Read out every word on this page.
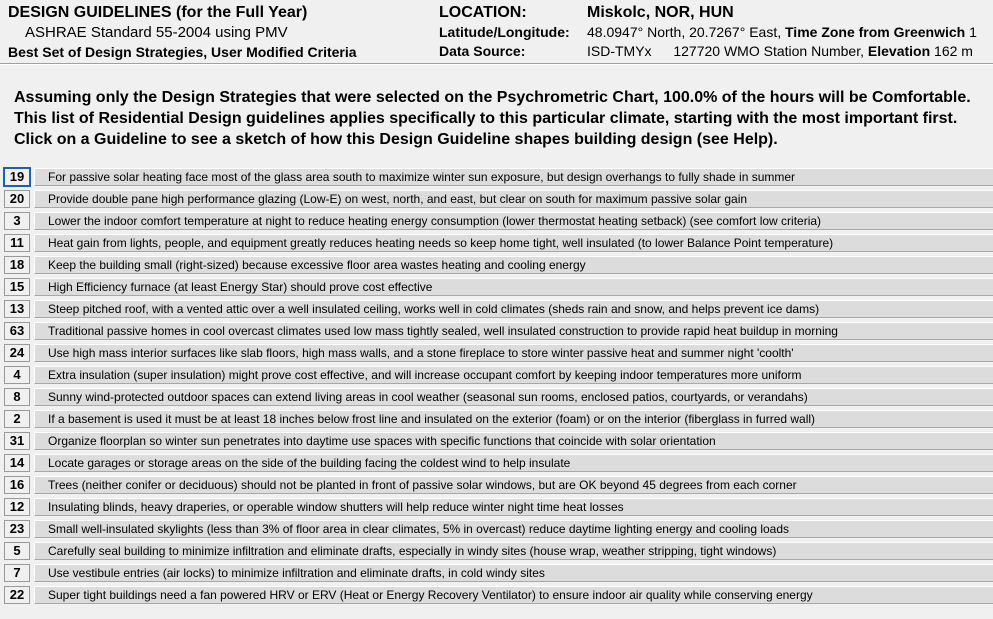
DESIGN GUIDELINES (for the Full Year)
ASHRAE Standard 55-2004 using PMV
Best Set of Design Strategies, User Modified Criteria
LOCATION:	Miskolc, NOR, HUN
Latitude/Longitude: 48.0947° North, 20.7267° East, Time Zone from Greenwich 1
Data Source:	ISD-TMYx 127720 WMO Station Number, Elevation 162 m
Assuming only the Design Strategies that were selected on the Psychrometric Chart, 100.0% of the hours will be Comfortable.
This list of Residential Design guidelines applies specifically to this particular climate, starting with the most important first.
Click on a Guideline to see a sketch of how this Design Guideline shapes building design (see Help).
19	For passive solar heating face most of the glass area south to maximize winter sun exposure, but design overhangs to fully shade in summer
20	Provide double pane high performance glazing (Low-E) on west, north, and east, but clear on south for maximum passive solar gain
3	Lower the indoor comfort temperature at night to reduce heating energy consumption (lower thermostat heating setback) (see comfort low criteria)
11	Heat gain from lights, people, and equipment greatly reduces heating needs so keep home tight, well insulated (to lower Balance Point temperature)
18	Keep the building small (right-sized) because excessive floor area wastes heating and cooling energy
15	High Efficiency furnace (at least Energy Star) should prove cost effective
13	Steep pitched roof, with a vented attic over a well insulated ceiling, works well in cold climates (sheds rain and snow, and helps prevent ice dams)
63	Traditional passive homes in cool overcast climates used low mass tightly sealed, well insulated construction to provide rapid heat buildup in morning
24	Use high mass interior surfaces like slab floors, high mass walls, and a stone fireplace to store winter passive heat and summer night 'coolth'
4	Extra insulation (super insulation) might prove cost effective, and will increase occupant comfort by keeping indoor temperatures more uniform
8	Sunny wind-protected outdoor spaces can extend living areas in cool weather (seasonal sun rooms, enclosed patios, courtyards, or verandahs)
2	If a basement is used it must be at least 18 inches below frost line and insulated on the exterior (foam) or on the interior (fiberglass in furred wall)
31	Organize floorplan so winter sun penetrates into daytime use spaces with specific functions that coincide with solar orientation
14	Locate garages or storage areas on the side of the building facing the coldest wind to help insulate
16	Trees (neither conifer or deciduous) should not be planted in front of passive solar windows, but are OK beyond 45 degrees from each corner
12	Insulating blinds, heavy draperies, or operable window shutters will help reduce winter night time heat losses
23	Small well-insulated skylights (less than 3% of floor area in clear climates, 5% in overcast) reduce daytime lighting energy and cooling loads
5	Carefully seal building to minimize infiltration and eliminate drafts, especially in windy sites (house wrap, weather stripping, tight windows)
7	Use vestibule entries (air locks) to minimize infiltration and eliminate drafts, in cold windy sites
22	Super tight buildings need a fan powered HRV or ERV (Heat or Energy Recovery Ventilator) to ensure indoor air quality while conserving energy
